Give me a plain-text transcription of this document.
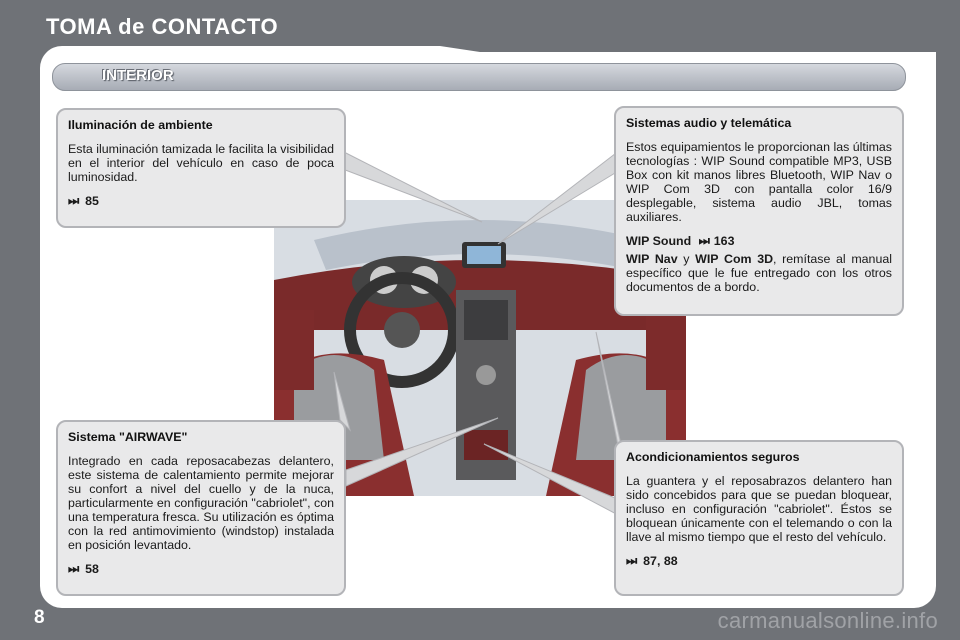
TOMA de CONTACTO
INTERIOR
Iluminación de ambiente

Esta iluminación tamizada le facilita la visibilidad en el interior del vehículo en caso de poca luminosidad.

⏭ 85
Sistemas audio y telemática

Estos equipamientos le proporcionan las últimas tecnologías : WIP Sound compatible MP3, USB Box con kit manos libres Bluetooth, WIP Nav o WIP Com 3D con pantalla color 16/9 desplegable, sistema audio JBL, tomas auxiliares.

WIP Sound ⏭ 163

WIP Nav y WIP Com 3D, remítase al manual específico que le fue entregado con los otros documentos de a bordo.

Sistema "AIRWAVE"

Integrado en cada reposacabezas delantero, este sistema de calentamiento permite mejorar su confort a nivel del cuello y de la nuca, particularmente en configuración "cabriolet", con una temperatura fresca. Su utilización es óptima con la red antimovimiento (windstop) instalada en posición levantado.

⏭ 58
Acondicionamientos seguros

La guantera y el reposabrazos delantero han sido concebidos para que se puedan bloquear, incluso en configuración "cabriolet". Éstos se bloquean únicamente con el telemando o con la llave al mismo tiempo que el resto del vehículo.

⏭ 87, 88
8	carmanualsonline.info
